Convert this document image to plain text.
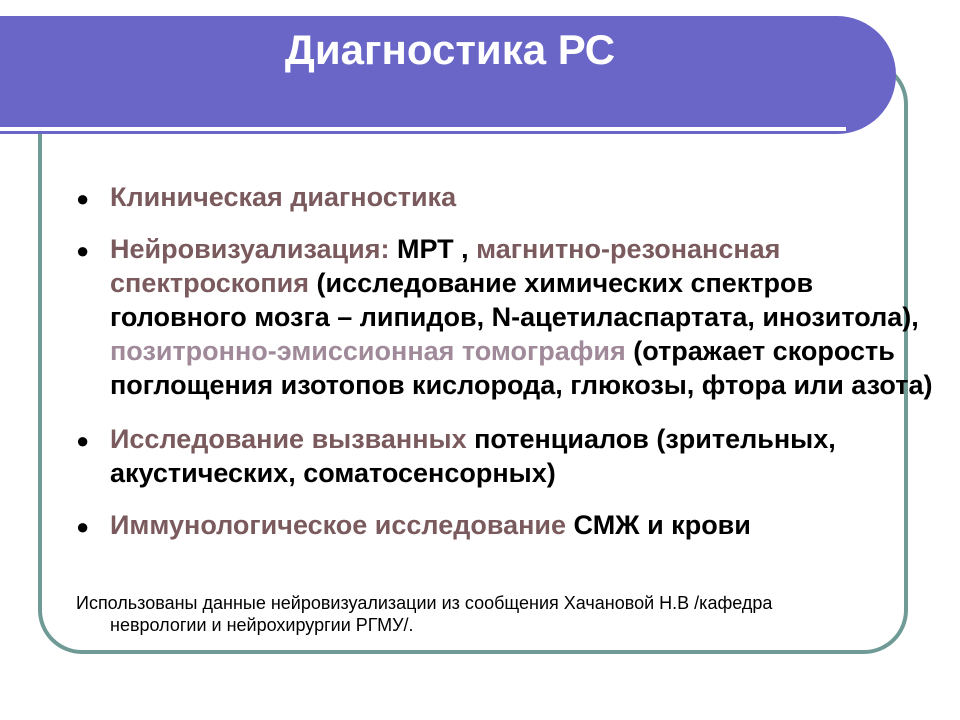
Диагностика РС
● Клиническая диагностика
● Нейровизуализация: МРТ , магнитно-резонансная спектроскопия (исследование химических спектров головного мозга – липидов, N-ацетиласпартата, инозитола), позитронно-эмиссионная томография (отражает скорость поглощения изотопов кислорода, глюкозы, фтора или азота)
● Исследование вызванных потенциалов (зрительных, акустических, соматосенсорных)
● Иммунологическое исследование СМЖ и крови
Использованы данные нейровизуализации из сообщения Хачановой Н.В /кафедра
неврологии и нейрохирургии РГМУ/.
